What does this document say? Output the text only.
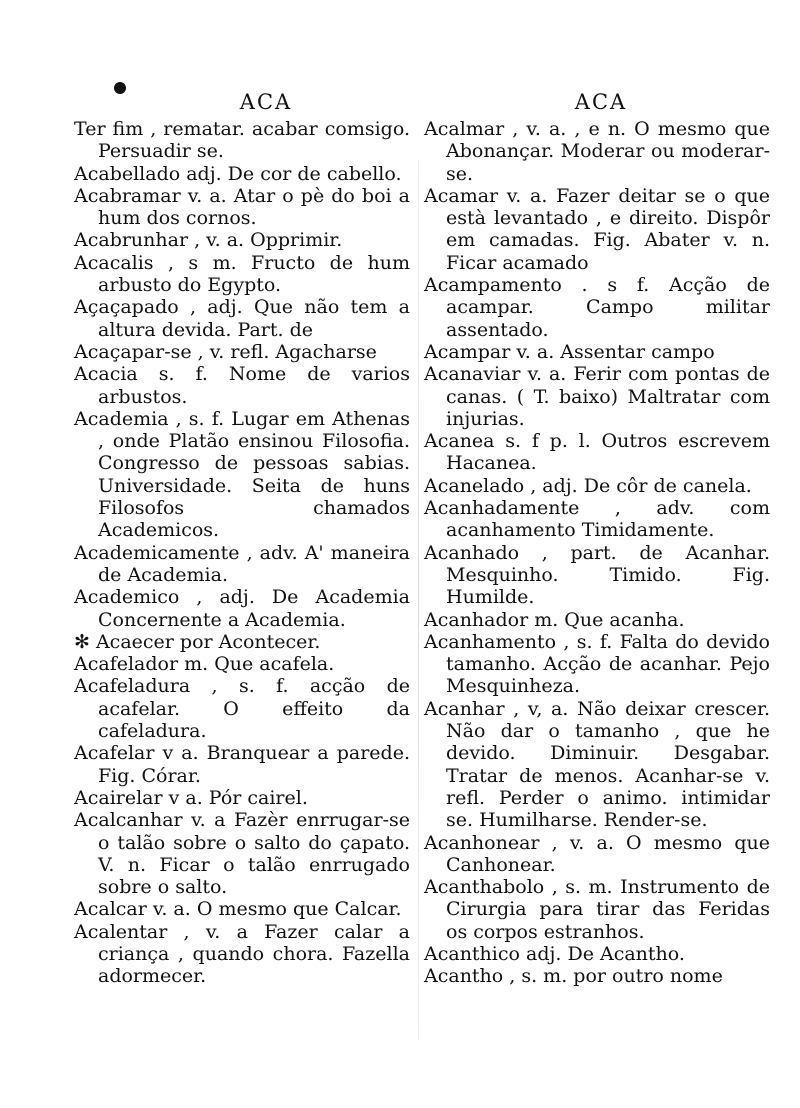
ACA

Ter fim , rematar. acabar comsigo. Persuadir se.

Acabellado adj. De cor de cabello.

Acabramar v. a. Atar o pè do boi a hum dos cornos.

Acabrunhar , v. a. Opprimir.

Acacalis , s m. Fructo de hum arbusto do Egypto.

Açaçapado , adj. Que não tem a altura devida. Part. de

Acaçapar-se , v. refl. Agacharse

Acacia s. f. Nome de varios arbustos.

Academia , s. f. Lugar em Athenas , onde Platão ensinou Filosofia. Congresso de pessoas sabias. Universidade. Seita de huns Filosofos chamados Academicos.

Academicamente , adv. A' maneira de Academia.

Academico , adj. De Academia Concernente a Academia.

✻ Acaecer por Acontecer.

Acafelador m. Que acafela.

Acafeladura , s. f. acção de acafelar. O effeito da cafeladura.

Acafelar v a. Branquear a parede. Fig. Córar.

Acairelar v a. Pór cairel.

Acalcanhar v. a Fazèr enrrugar-se o talão sobre o salto do çapato. V. n. Ficar o talão enrrugado sobre o salto.

Acalcar v. a. O mesmo que Calcar.

Acalentar , v. a Fazer calar a criança , quando chora. Fazella adormecer.

ACA

Acalmar , v. a. , e n. O mesmo que Abonançar. Moderar ou moderar-se.

Acamar v. a. Fazer deitar se o que està levantado , e direito. Dispôr em camadas. Fig. Abater v. n. Ficar acamado

Acampamento . s f. Acção de acampar. Campo militar assentado.

Acampar v. a. Assentar campo

Acanaviar v. a. Ferir com pontas de canas. ( T. baixo) Maltratar com injurias.

Acanea s. f p. l. Outros escrevem Hacanea.

Acanelado , adj. De côr de canela.

Acanhadamente , adv. com acanhamento Timidamente.

Acanhado , part. de Acanhar. Mesquinho. Timido. Fig. Humilde.

Acanhador m. Que acanha.

Acanhamento , s. f. Falta do devido tamanho. Acção de acanhar. Pejo Mesquinheza.

Acanhar , v, a. Não deixar crescer. Não dar o tamanho , que he devido. Diminuir. Desgabar. Tratar de menos. Acanhar-se v. refl. Perder o animo. intimidar se. Humilharse. Render-se.

Acanhonear , v. a. O mesmo que Canhonear.

Acanthabolo , s. m. Instrumento de Cirurgia para tirar das Feridas os corpos estranhos.

Acanthico adj. De Acantho.

Acantho , s. m. por outro nome
